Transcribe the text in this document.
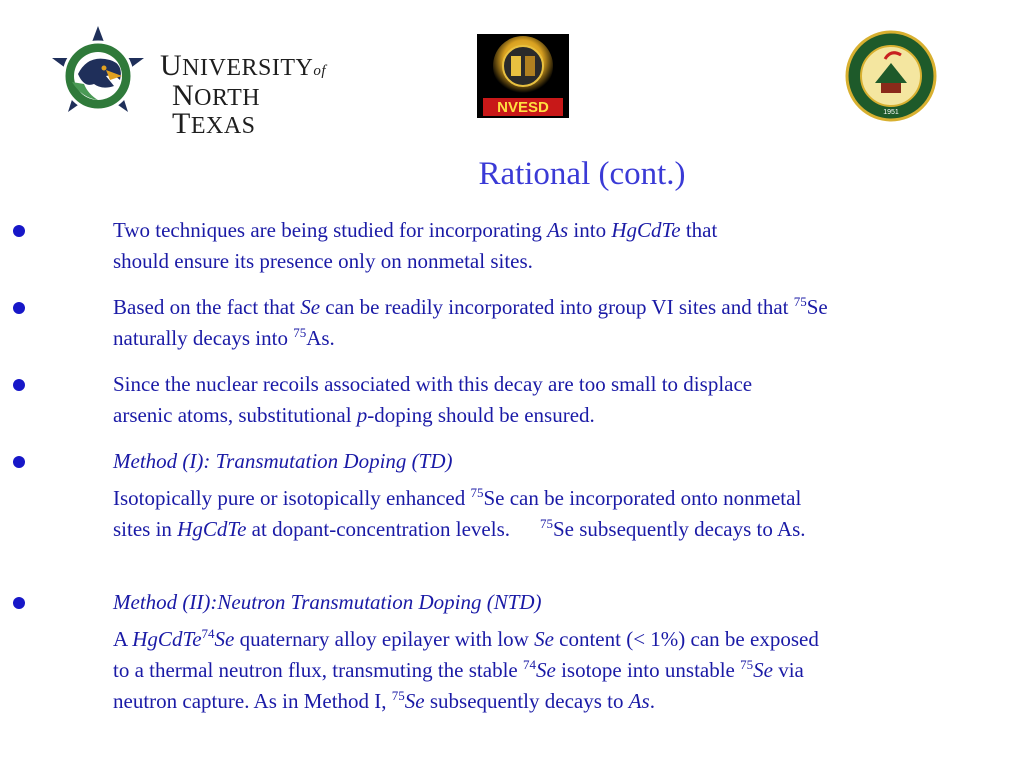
UNIVERSITYof
NORTH TEXAS
NVESD	1951
Rational (cont.)

Two techniques are being studied for incorporating As into HgCdTe that

should ensure its presence only on nonmetal sites.

Based on the fact that Se can be readily incorporated into group VI sites and that $^{75}$Se

naturally decays into $^{75}$As.

Since the nuclear recoils associated with this decay are too small to displace

arsenic atoms, substitutional p-doping should be ensured.

Method (I): Transmutation Doping (TD)

Isotopically pure or isotopically enhanced $^{75}$Se can be incorporated onto nonmetal

sites in HgCdTe at dopant-concentration levels. $^{75}$Se subsequently decays to As.

Method (II):Neutron Transmutation Doping (NTD)

A HgCdTe$^{74}$Se quaternary alloy epilayer with low Se content (< 1%) can be exposed

to a thermal neutron flux, transmuting the stable $^{74}$Se isotope into unstable $^{75}$Se via

neutron capture. As in Method I, $^{75}$Se subsequently decays to As.
